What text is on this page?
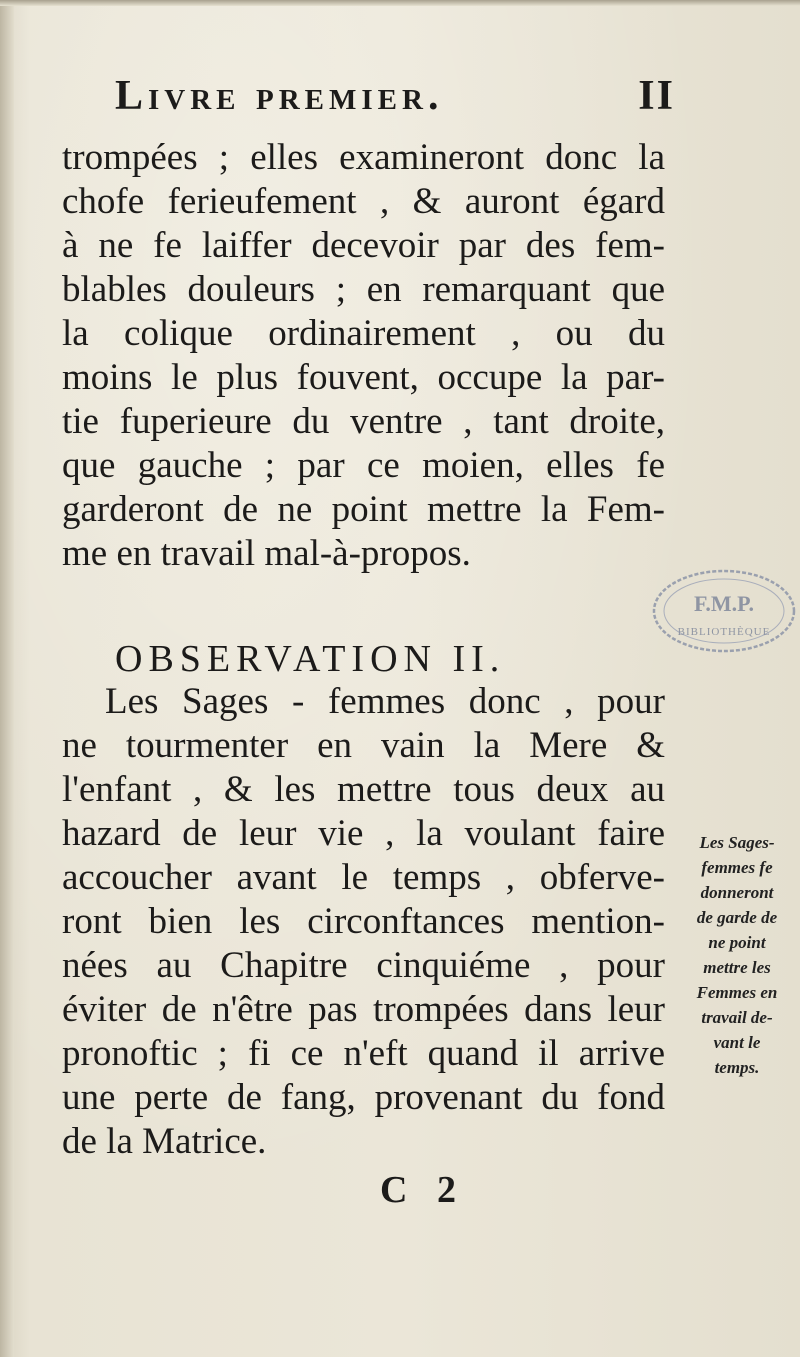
Livre premier.	II
trompées ; elles examineront donc la
chofe ferieufement , & auront égard
à ne fe laiffer decevoir par des fem-
blables douleurs ; en remarquant que
la colique ordinairement , ou du
moins le plus fouvent, occupe la par-
tie fuperieure du ventre , tant droite,
que gauche ; par ce moien, elles fe
garderont de ne point mettre la Fem-
me en travail mal-à-propos.
F.M.P.
BIBLIOTHÈQUE
OBSERVATION II.
Les Sages - femmes donc , pour
ne tourmenter en vain la Mere &
l'enfant , & les mettre tous deux au
hazard de leur vie , la voulant faire
accoucher avant le temps , obferve-
ront bien les circonftances mention-
nées au Chapitre cinquiéme , pour
éviter de n'être pas trompées dans leur
pronoftic ; fi ce n'eft quand il arrive
une perte de fang, provenant du fond
de la Matrice.
Les Sages-
femmes fe
donneront
de garde de
ne point
mettre les
Femmes en
travail de-
vant le
temps.
C 2
